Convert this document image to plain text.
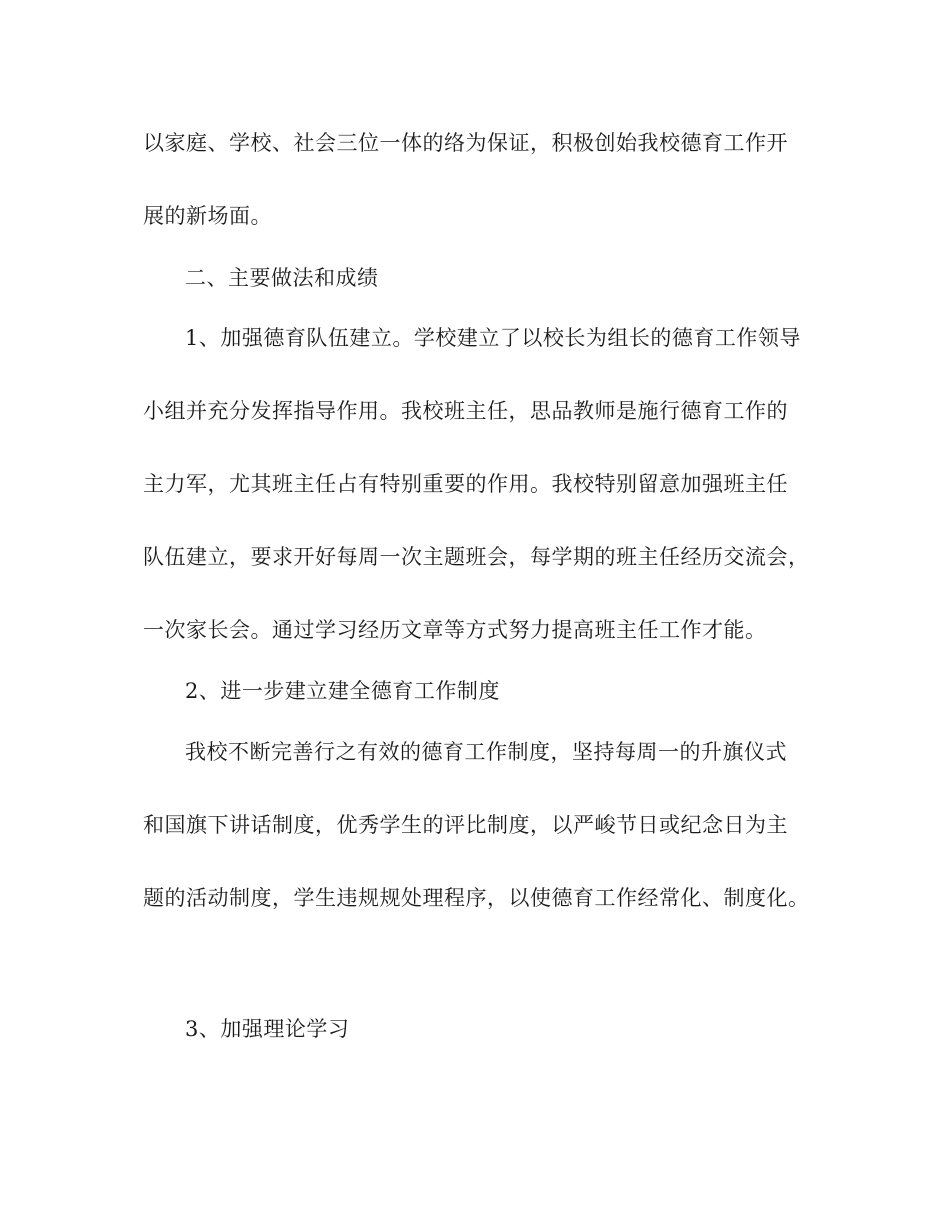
以家庭、学校、社会三位一体的络为保证，积极创始我校德育工作开
展的新场面。
二、主要做法和成绩
1、加强德育队伍建立。学校建立了以校长为组长的德育工作领导
小组并充分发挥指导作用。我校班主任，思品教师是施行德育工作的
主力军，尤其班主任占有特别重要的作用。我校特别留意加强班主任
队伍建立，要求开好每周一次主题班会，每学期的班主任经历交流会，
一次家长会。通过学习经历文章等方式努力提高班主任工作才能。
2、进一步建立建全德育工作制度
我校不断完善行之有效的德育工作制度，坚持每周一的升旗仪式
和国旗下讲话制度，优秀学生的评比制度，以严峻节日或纪念日为主
题的活动制度，学生违规规处理程序，以使德育工作经常化、制度化。
3、加强理论学习
